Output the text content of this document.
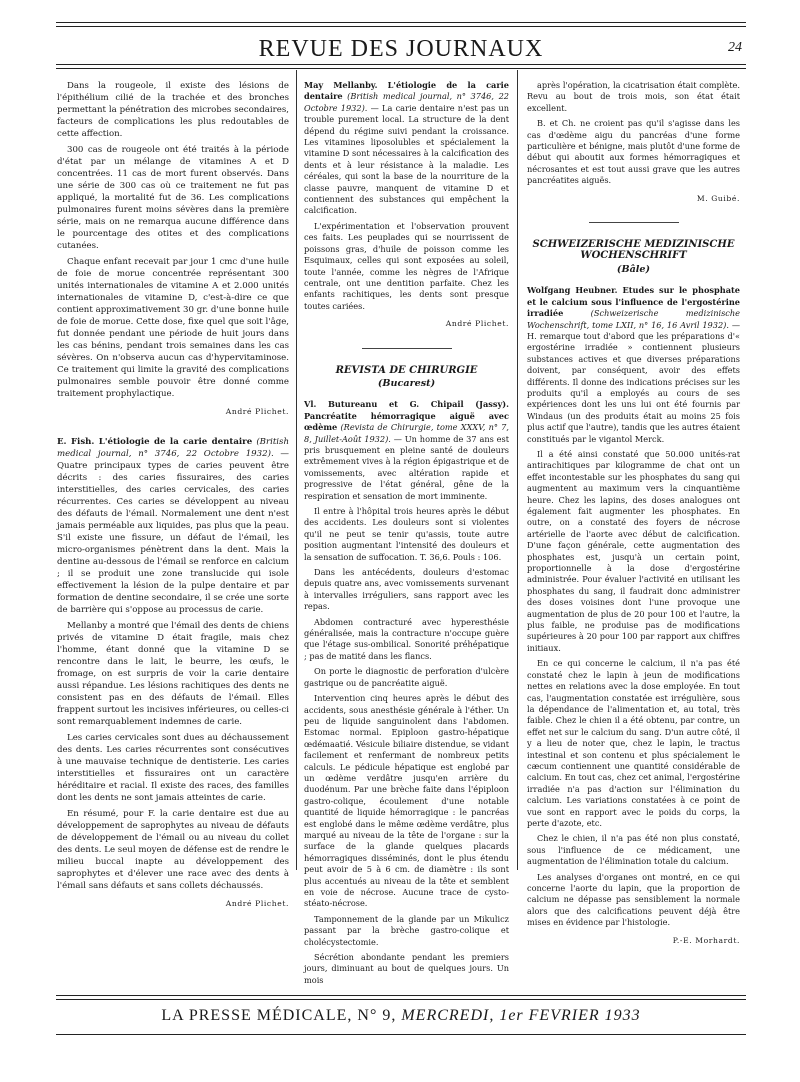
REVUE DES JOURNAUX	24

Dans la rougeole, il existe des lésions de l'épithélium cilié de la trachée et des bronches permettant la pénétration des microbes secondaires, facteurs de complications les plus redoutables de cette affection.

300 cas de rougeole ont été traités à la période d'état par un mélange de vitamines A et D concentrées. 11 cas de mort furent observés. Dans une série de 300 cas où ce traitement ne fut pas appliqué, la mortalité fut de 36. Les complications pulmonaires furent moins sévères dans la première série, mais on ne remarqua aucune différence dans le pourcentage des otites et des complications cutanées.

Chaque enfant recevait par jour 1 cmc d'une huile de foie de morue concentrée représentant 300 unités internationales de vitamine A et 2.000 unités internationales de vitamine D, c'est-à-dire ce que contient approximativement 30 gr. d'une bonne huile de foie de morue. Cette dose, fixe quel que soit l'âge, fut donnée pendant une période de huit jours dans les cas bénins, pendant trois semaines dans les cas sévères. On n'observa aucun cas d'hypervitaminose. Ce traitement qui limite la gravité des complications pulmonaires semble pouvoir être donné comme traitement prophylactique.

André Plichet.

E. Fish. L'étiologie de la carie dentaire (British medical journal, n° 3746, 22 Octobre 1932). — Quatre principaux types de caries peuvent être décrits : des caries fissuraires, des caries interstitielles, des caries cervicales, des caries récurrentes. Ces caries se développent au niveau des défauts de l'émail. Normalement une dent n'est jamais perméable aux liquides, pas plus que la peau. S'il existe une fissure, un défaut de l'émail, les micro-organismes pénètrent dans la dent. Mais la dentine au-dessous de l'émail se renforce en calcium ; il se produit une zone translucide qui isole effectivement la lésion de la pulpe dentaire et par formation de dentine secondaire, il se crée une sorte de barrière qui s'oppose au processus de carie.

Mellanby a montré que l'émail des dents de chiens privés de vitamine D était fragile, mais chez l'homme, étant donné que la vitamine D se rencontre dans le lait, le beurre, les œufs, le fromage, on est surpris de voir la carie dentaire aussi répandue. Les lésions rachitiques des dents ne consistent pas en des défauts de l'émail. Elles frappent surtout les incisives inférieures, ou celles-ci sont remarquablement indemnes de carie.

Les caries cervicales sont dues au déchaussement des dents. Les caries récurrentes sont consécutives à une mauvaise technique de dentisterie. Les caries interstitielles et fissuraires ont un caractère héréditaire et racial. Il existe des races, des familles dont les dents ne sont jamais atteintes de carie.

En résumé, pour F. la carie dentaire est due au développement de saprophytes au niveau de défauts de développement de l'émail ou au niveau du collet des dents. Le seul moyen de défense est de rendre le milieu buccal inapte au développement des saprophytes et d'élever une race avec des dents à l'émail sans défauts et sans collets déchaussés.

André Plichet.

May Mellanby. L'étiologie de la carie dentaire (British medical journal, n° 3746, 22 Octobre 1932). — La carie dentaire n'est pas un trouble purement local. La structure de la dent dépend du régime suivi pendant la croissance. Les vitamines liposolubles et spécialement la vitamine D sont nécessaires à la calcification des dents et à leur résistance à la maladie. Les céréales, qui sont la base de la nourriture de la classe pauvre, manquent de vitamine D et contiennent des substances qui empêchent la calcification.

L'expérimentation et l'observation prouvent ces faits. Les peuplades qui se nourrissent de poissons gras, d'huile de poisson comme les Esquimaux, celles qui sont exposées au soleil, toute l'année, comme les nègres de l'Afrique centrale, ont une dentition parfaite. Chez les enfants rachitiques, les dents sont presque toutes cariées.

André Plichet.

REVISTA DE CHIRURGIE

(Bucarest)

Vl. Butureanu et G. Chipail (Jassy). Pancréatite hémorragique aiguë avec œdème (Revista de Chirurgie, tome XXXV, n° 7, 8, Juillet-Août 1932). — Un homme de 37 ans est pris brusquement en pleine santé de douleurs extrêmement vives à la région épigastrique et de vomissements, avec altération rapide et progressive de l'état général, gêne de la respiration et sensation de mort imminente.

Il entre à l'hôpital trois heures après le début des accidents. Les douleurs sont si violentes qu'il ne peut se tenir qu'assis, toute autre position augmentant l'intensité des douleurs et la sensation de suffocation. T. 36,6. Pouls : 106.

Dans les antécédents, douleurs d'estomac depuis quatre ans, avec vomissements survenant à intervalles irréguliers, sans rapport avec les repas.

Abdomen contracturé avec hyperesthésie généralisée, mais la contracture n'occupe guère que l'étage sus-ombilical. Sonorité préhépatique ; pas de matité dans les flancs.

On porte le diagnostic de perforation d'ulcère gastrique ou de pancréatite aiguë.

Intervention cinq heures après le début des accidents, sous anesthésie générale à l'éther. Un peu de liquide sanguinolent dans l'abdomen. Estomac normal. Epiploon gastro-hépatique œdémaatié. Vésicule biliaire distendue, se vidant facilement et renfermant de nombreux petits calculs. Le pédicule hépatique est englobé par un œdème verdâtre jusqu'en arrière du duodénum. Par une brèche faite dans l'épiploon gastro-colique, écoulement d'une notable quantité de liquide hémorragique : le pancréas est englobé dans le même œdème verdâtre, plus marqué au niveau de la tête de l'organe : sur la surface de la glande quelques placards hémorragiques disséminés, dont le plus étendu peut avoir de 5 à 6 cm. de diamètre : ils sont plus accentués au niveau de la tête et semblent en voie de nécrose. Aucune trace de cysto-stéato-nécrose.

Tamponnement de la glande par un Mikulicz passant par la brèche gastro-colique et cholécystectomie.

Sécrétion abondante pendant les premiers jours, diminuant au bout de quelques jours. Un mois

après l'opération, la cicatrisation était complète. Revu au bout de trois mois, son état était excellent.

B. et Ch. ne croient pas qu'il s'agisse dans les cas d'œdème aigu du pancréas d'une forme particulière et bénigne, mais plutôt d'une forme de début qui aboutit aux formes hémorragiques et nécrosantes et est tout aussi grave que les autres pancréatites aiguës.

M. Guibé.

SCHWEIZERISCHE MEDIZINISCHE WOCHENSCHRIFT

(Bâle)

Wolfgang Heubner. Etudes sur le phosphate et le calcium sous l'influence de l'ergostérine irradiée (Schweizerische medizinische Wochenschrift, tome LXII, n° 16, 16 Avril 1932). — H. remarque tout d'abord que les préparations d'« ergostérine irradiée » contiennent plusieurs substances actives et que diverses préparations doivent, par conséquent, avoir des effets différents. Il donne des indications précises sur les produits qu'il a employés au cours de ses expériences dont les uns lui ont été fournis par Windaus (un des produits était au moins 25 fois plus actif que l'autre), tandis que les autres étaient constitués par le vigantol Merck.

Il a été ainsi constaté que 50.000 unités-rat antirachitiques par kilogramme de chat ont un effet incontestable sur les phosphates du sang qui augmentent au maximum vers la cinquantième heure. Chez les lapins, des doses analogues ont également fait augmenter les phosphates. En outre, on a constaté des foyers de nécrose artérielle de l'aorte avec début de calcification. D'une façon générale, cette augmentation des phosphates est, jusqu'à un certain point, proportionnelle à la dose d'ergostérine administrée. Pour évaluer l'activité en utilisant les phosphates du sang, il faudrait donc administrer des doses voisines dont l'une provoque une augmentation de plus de 20 pour 100 et l'autre, la plus faible, ne produise pas de modifications supérieures à 20 pour 100 par rapport aux chiffres initiaux.

En ce qui concerne le calcium, il n'a pas été constaté chez le lapin à jeun de modifications nettes en relations avec la dose employée. En tout cas, l'augmentation constatée est irrégulière, sous la dépendance de l'alimentation et, au total, très faible. Chez le chien il a été obtenu, par contre, un effet net sur le calcium du sang. D'un autre côté, il y a lieu de noter que, chez le lapin, le tractus intestinal et son contenu et plus spécialement le cæcum contiennent une quantité considérable de calcium. En tout cas, chez cet animal, l'ergostérine irradiée n'a pas d'action sur l'élimination du calcium. Les variations constatées à ce point de vue sont en rapport avec le poids du corps, la perte d'azote, etc.

Chez le chien, il n'a pas été non plus constaté, sous l'influence de ce médicament, une augmentation de l'élimination totale du calcium.

Les analyses d'organes ont montré, en ce qui concerne l'aorte du lapin, que la proportion de calcium ne dépasse pas sensiblement la normale alors que des calcifications peuvent déjà être mises en évidence par l'histologie.

P.-E. Morhardt.

LA PRESSE MÉDICALE, N° 9, MERCREDI, 1er FEVRIER 1933
